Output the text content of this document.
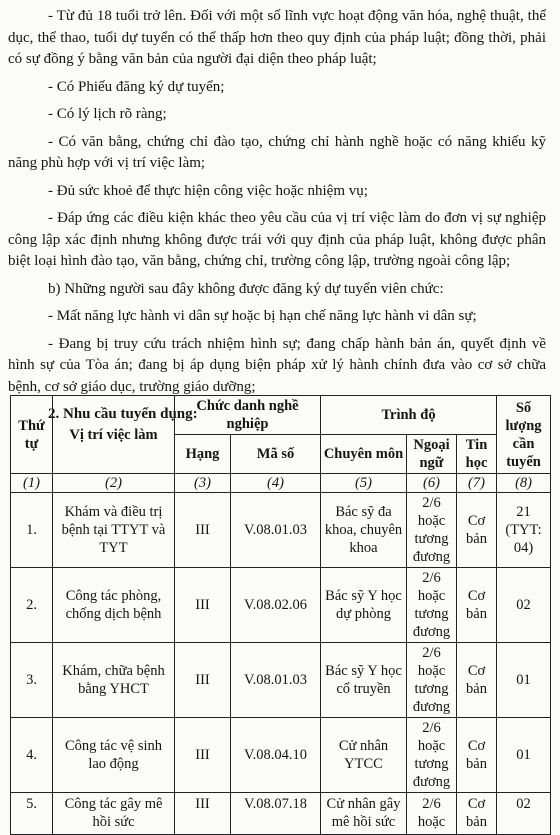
- Từ đủ 18 tuổi trở lên. Đối với một số lĩnh vực hoạt động văn hóa, nghệ thuật, thể dục, thể thao, tuổi dự tuyển có thể thấp hơn theo quy định của pháp luật; đồng thời, phải có sự đồng ý bằng văn bản của người đại diện theo pháp luật;

- Có Phiếu đăng ký dự tuyển;

- Có lý lịch rõ ràng;

- Có văn bằng, chứng chỉ đào tạo, chứng chỉ hành nghề hoặc có năng khiếu kỹ năng phù hợp với vị trí việc làm;

- Đủ sức khoẻ để thực hiện công việc hoặc nhiệm vụ;

- Đáp ứng các điều kiện khác theo yêu cầu của vị trí việc làm do đơn vị sự nghiệp công lập xác định nhưng không được trái với quy định của pháp luật, không được phân biệt loại hình đào tạo, văn bằng, chứng chỉ, trường công lập, trường ngoài công lập;

b) Những người sau đây không được đăng ký dự tuyển viên chức:

- Mất năng lực hành vi dân sự hoặc bị hạn chế năng lực hành vi dân sự;

- Đang bị truy cứu trách nhiệm hình sự; đang chấp hành bản án, quyết định về hình sự của Tòa án; đang bị áp dụng biện pháp xử lý hành chính đưa vào cơ sở chữa bệnh, cơ sở giáo dục, trường giáo dưỡng;

2. Nhu cầu tuyển dụng:

Thứ tự	Vị trí việc làm	Chức danh nghề nghiệp		Trình độ			Số lượng cần tuyển
		Hạng	Mã số	Chuyên môn	Ngoại ngữ	Tin học	
(1)	(2)	(3)	(4)	(5)	(6)	(7)	(8)
1.	Khám và điều trị bệnh tại TTYT và TYT	III	V.08.01.03	Bác sỹ đa khoa, chuyên khoa	2/6 hoặc tương đương	Cơ bản	21 (TYT: 04)
2.	Công tác phòng, chống dịch bệnh	III	V.08.02.06	Bác sỹ Y học dự phòng	2/6 hoặc tương đương	Cơ bản	02
3.	Khám, chữa bệnh bằng YHCT	III	V.08.01.03	Bác sỹ Y học cổ truyền	2/6 hoặc tương đương	Cơ bản	01
4.	Công tác vệ sinh lao động	III	V.08.04.10	Cử nhân YTCC	2/6 hoặc tương đương	Cơ bản	01
5.	Công tác gây mê hồi sức	III	V.08.07.18	Cử nhân gây mê hồi sức	2/6 hoặc	Cơ bản	02
